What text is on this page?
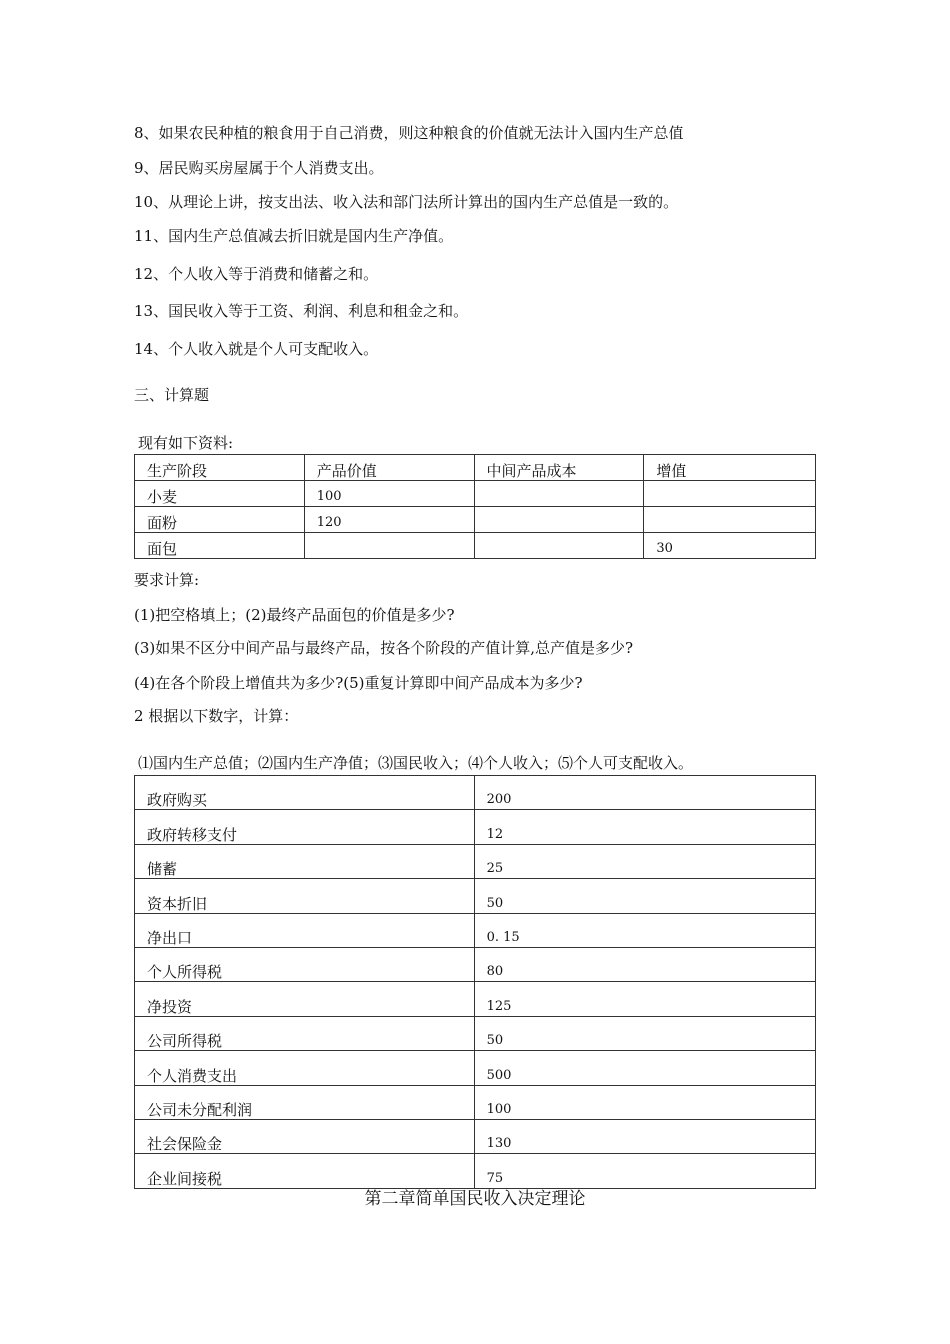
8、如果农民种植的粮食用于自己消费，则这种粮食的价值就无法计入国内生产总值
9、居民购买房屋属于个人消费支出。
10、从理论上讲，按支出法、收入法和部门法所计算出的国内生产总值是一致的。
11、国内生产总值减去折旧就是国内生产净值。
12、个人收入等于消费和储蓄之和。
13、国民收入等于工资、利润、利息和租金之和。
14、个人收入就是个人可支配收入。
三、计算题
现有如下资料:
生产阶段	产品价值	中间产品成本	增值
小麦	100		
面粉	120		
面包			30
要求计算:
(1)把空格填上；(2)最终产品面包的价值是多少?
(3)如果不区分中间产品与最终产品，按各个阶段的产值计算,总产值是多少?
(4)在各个阶段上增值共为多少?(5)重复计算即中间产品成本为多少?
2 根据以下数字，计算：
⑴国内生产总值；⑵国内生产净值；⑶国民收入；⑷个人收入；⑸个人可支配收入。
政府购买	200
政府转移支付	12
储蓄	25
资本折旧	50
净出口	0. 15
个人所得税	80
净投资	125
公司所得税	50
个人消费支出	500
公司未分配利润	100
社会保险金	130
企业间接税	75
第二章简单国民收入决定理论
